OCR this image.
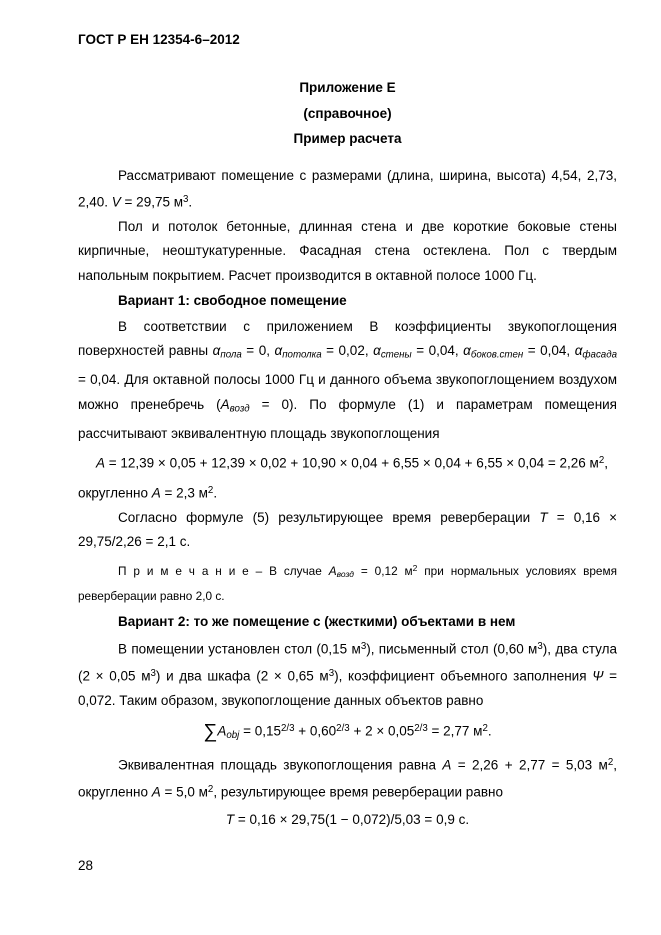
ГОСТ Р ЕН 12354-6–2012
Приложение Е
(справочное)
Пример расчета

Рассматривают помещение с размерами (длина, ширина, высота) 4,54, 2,73, 2,40. V = 29,75 $м^3$.

Пол и потолок бетонные, длинная стена и две короткие боковые стены кирпичные, неоштукатуренные. Фасадная стена остеклена. Пол с твердым напольным покрытием. Расчет производится в октавной полосе 1000 Гц.

Вариант 1: свободное помещение

В соответствии с приложением В коэффициенты звукопоглощения поверхностей равны αпола = 0, αпотолка = 0,02, αстены = 0,04, αбоков.стен = 0,04, αфасада = 0,04. Для октавной полосы 1000 Гц и данного объема звукопоглощением воздухом можно пренебречь (Aвозд = 0). По формуле (1) и параметрам помещения рассчитывают эквивалентную площадь звукопоглощения

A = 12,39 × 0,05 + 12,39 × 0,02 + 10,90 × 0,04 + 6,55 × 0,04 + 6,55 × 0,04 = 2,26 $м^2$,

округленно A = 2,3 $м^2$.

Согласно формуле (5) результирующее время реверберации T = 0,16 × 29,75/2,26 = 2,1 с.

П р и м е ч а н и е – В случае Aвозд = 0,12 $м^2$ при нормальных условиях время реверберации равно 2,0 с.

Вариант 2: то же помещение с (жесткими) объектами в нем

В помещении установлен стол (0,15 $м^3$), письменный стол (0,60 $м^3$), два стула (2 × 0,05 $м^3$) и два шкафа (2 × 0,65 $м^3$), коэффициент объемного заполнения Ψ = 0,072. Таким образом, звукопоглощение данных объектов равно

∑Aobj = $0,15^{2/3} + 0,60^{2/3} + 2 \times 0,05^{2/3} = 2,77$ $м^2$.

Эквивалентная площадь звукопоглощения равна A = 2,26 + 2,77 = 5,03 $м^2$, округленно A = 5,0 $м^2$, результирующее время реверберации равно

T = 0,16 × 29,75(1 − 0,072)/5,03 = 0,9 с.
28
